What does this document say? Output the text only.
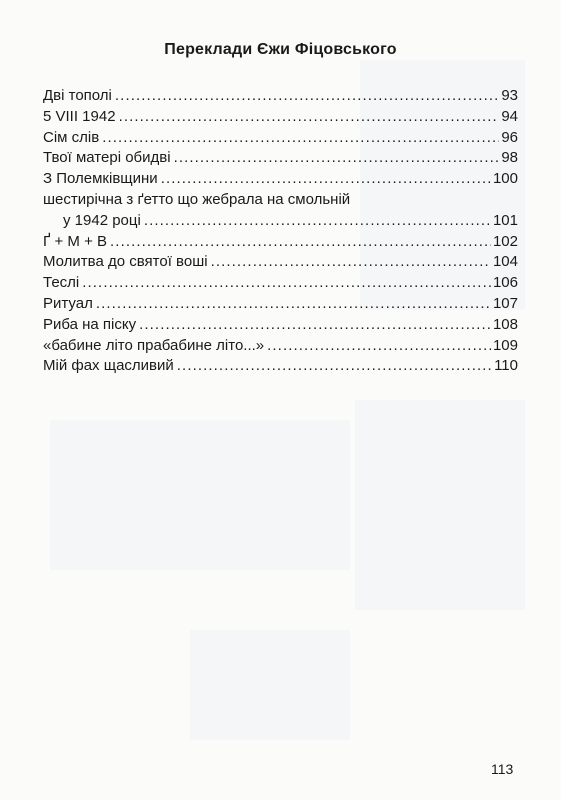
Переклади Єжи Фіцовського
Дві тополі .....	93
5 VIII 1942 .....	94
Сім слів .....	96
Твої матері обидві .....	98
З Полемківщини .....	100
шестирічна з ґетто що жебрала на смольній
у 1942 році .....	101
Ґ + М + В .....	102
Молитва до святої воші .....	104
Теслі .....	106
Ритуал .....	107
Риба на піску .....	108
«бабине літо прабабине літо...» .....	109
Мій фах щасливий .....	110
113
